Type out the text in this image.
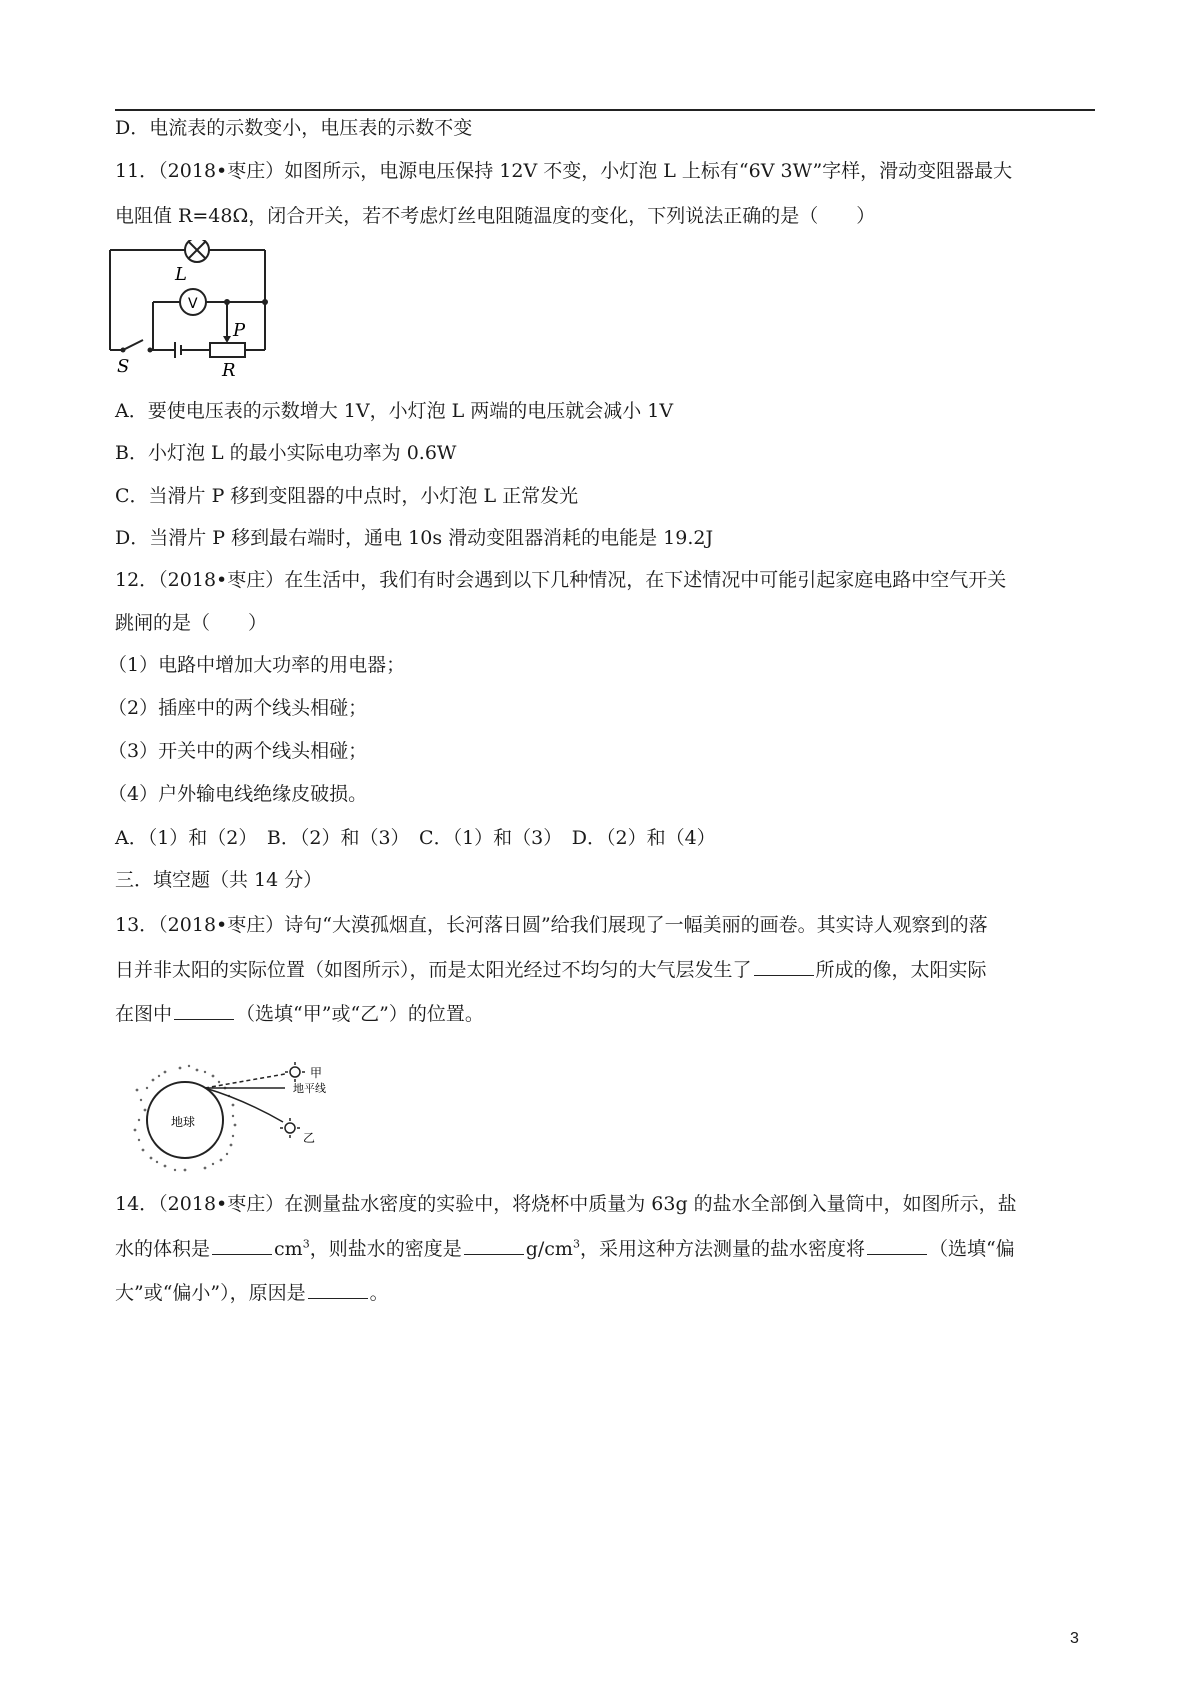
D．电流表的示数变小，电压表的示数不变
11．（2018•枣庄）如图所示，电源电压保持 12V 不变，小灯泡 L 上标有“6V 3W”字样，滑动变阻器最大
电阻值 R=48Ω，闭合开关，若不考虑灯丝电阻随温度的变化，下列说法正确的是（　　）
L
V
P
R
S
A．要使电压表的示数增大 1V，小灯泡 L 两端的电压就会减小 1V
B．小灯泡 L 的最小实际电功率为 0.6W
C．当滑片 P 移到变阻器的中点时，小灯泡 L 正常发光
D．当滑片 P 移到最右端时，通电 10s 滑动变阻器消耗的电能是 19.2J
12．（2018•枣庄）在生活中，我们有时会遇到以下几种情况，在下述情况中可能引起家庭电路中空气开关
跳闸的是（　　）
（1）电路中增加大功率的用电器；
（2）插座中的两个线头相碰；
（3）开关中的两个线头相碰；
（4）户外输电线绝缘皮破损。
A．（1）和（2）　B．（2）和（3）　C．（1）和（3）　D．（2）和（4）
三．填空题（共 14 分）
13．（2018•枣庄）诗句“大漠孤烟直，长河落日圆”给我们展现了一幅美丽的画卷。其实诗人观察到的落
日并非太阳的实际位置（如图所示），而是太阳光经过不均匀的大气层发生了	所成的像，太阳实际
在图中	（选填“甲”或“乙”）的位置。
地球
甲
地平线
乙
14．（2018•枣庄）在测量盐水密度的实验中，将烧杯中质量为 63g 的盐水全部倒入量筒中，如图所示，盐
水的体积是	$cm^3$，则盐水的密度是	$g/cm^3$，采用这种方法测量的盐水密度将	（选填“偏
大”或“偏小”），原因是	。
3
